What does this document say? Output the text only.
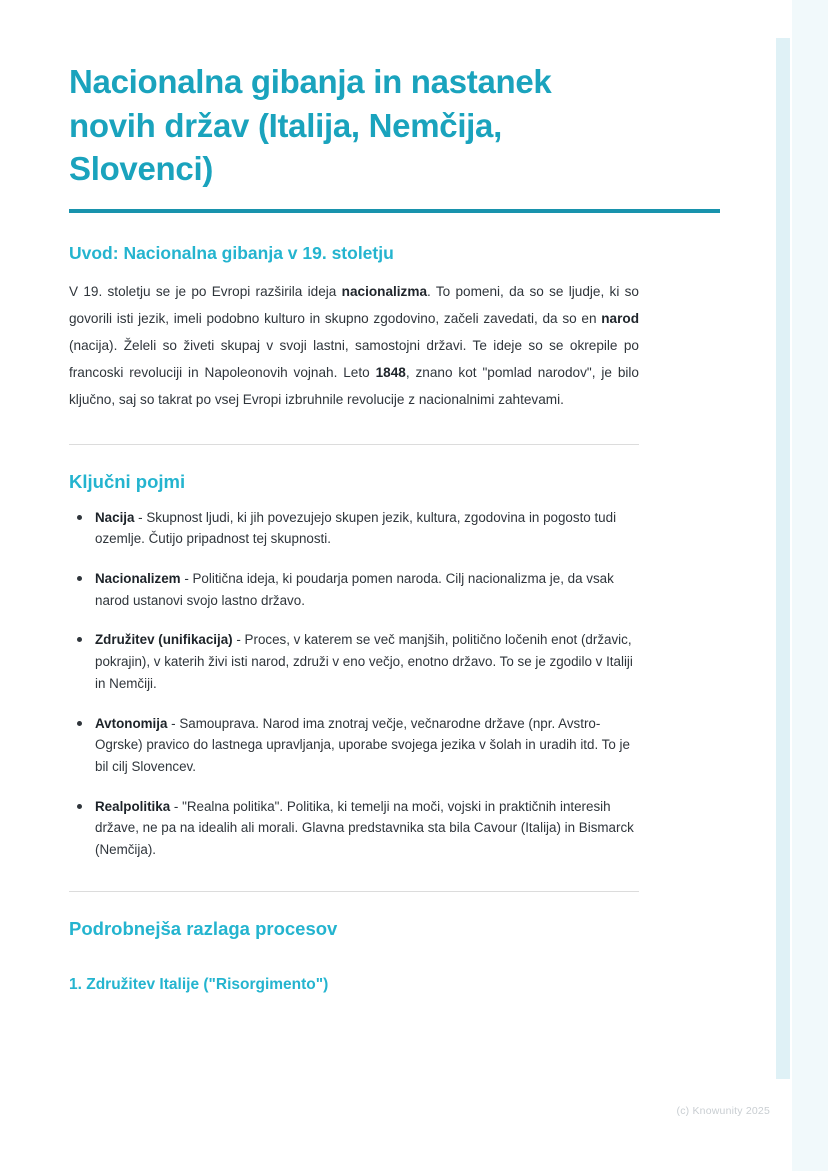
Nacionalna gibanja in nastanek novih držav (Italija, Nemčija, Slovenci)
Uvod: Nacionalna gibanja v 19. stoletju

V 19. stoletju se je po Evropi razširila ideja nacionalizma. To pomeni, da so se ljudje, ki so govorili isti jezik, imeli podobno kulturo in skupno zgodovino, začeli zavedati, da so en narod (nacija). Želeli so živeti skupaj v svoji lastni, samostojni državi. Te ideje so se okrepile po francoski revoluciji in Napoleonovih vojnah. Leto 1848, znano kot "pomlad narodov", je bilo ključno, saj so takrat po vsej Evropi izbruhnile revolucije z nacionalnimi zahtevami.

Ključni pojmi
Nacija - Skupnost ljudi, ki jih povezujejo skupen jezik, kultura, zgodovina in pogosto tudi ozemlje. Čutijo pripadnost tej skupnosti.
Nacionalizem - Politična ideja, ki poudarja pomen naroda. Cilj nacionalizma je, da vsak narod ustanovi svojo lastno državo.
Združitev (unifikacija) - Proces, v katerem se več manjših, politično ločenih enot (državic, pokrajin), v katerih živi isti narod, združi v eno večjo, enotno državo. To se je zgodilo v Italiji in Nemčiji.
Avtonomija - Samouprava. Narod ima znotraj večje, večnarodne države (npr. Avstro-Ogrske) pravico do lastnega upravljanja, uporabe svojega jezika v šolah in uradih itd. To je bil cilj Slovencev.
Realpolitika - "Realna politika". Politika, ki temelji na moči, vojski in praktičnih interesih države, ne pa na idealih ali morali. Glavna predstavnika sta bila Cavour (Italija) in Bismarck (Nemčija).
Podrobnejša razlaga procesov
1. Združitev Italije ("Risorgimento")
(c) Knowunity 2025
